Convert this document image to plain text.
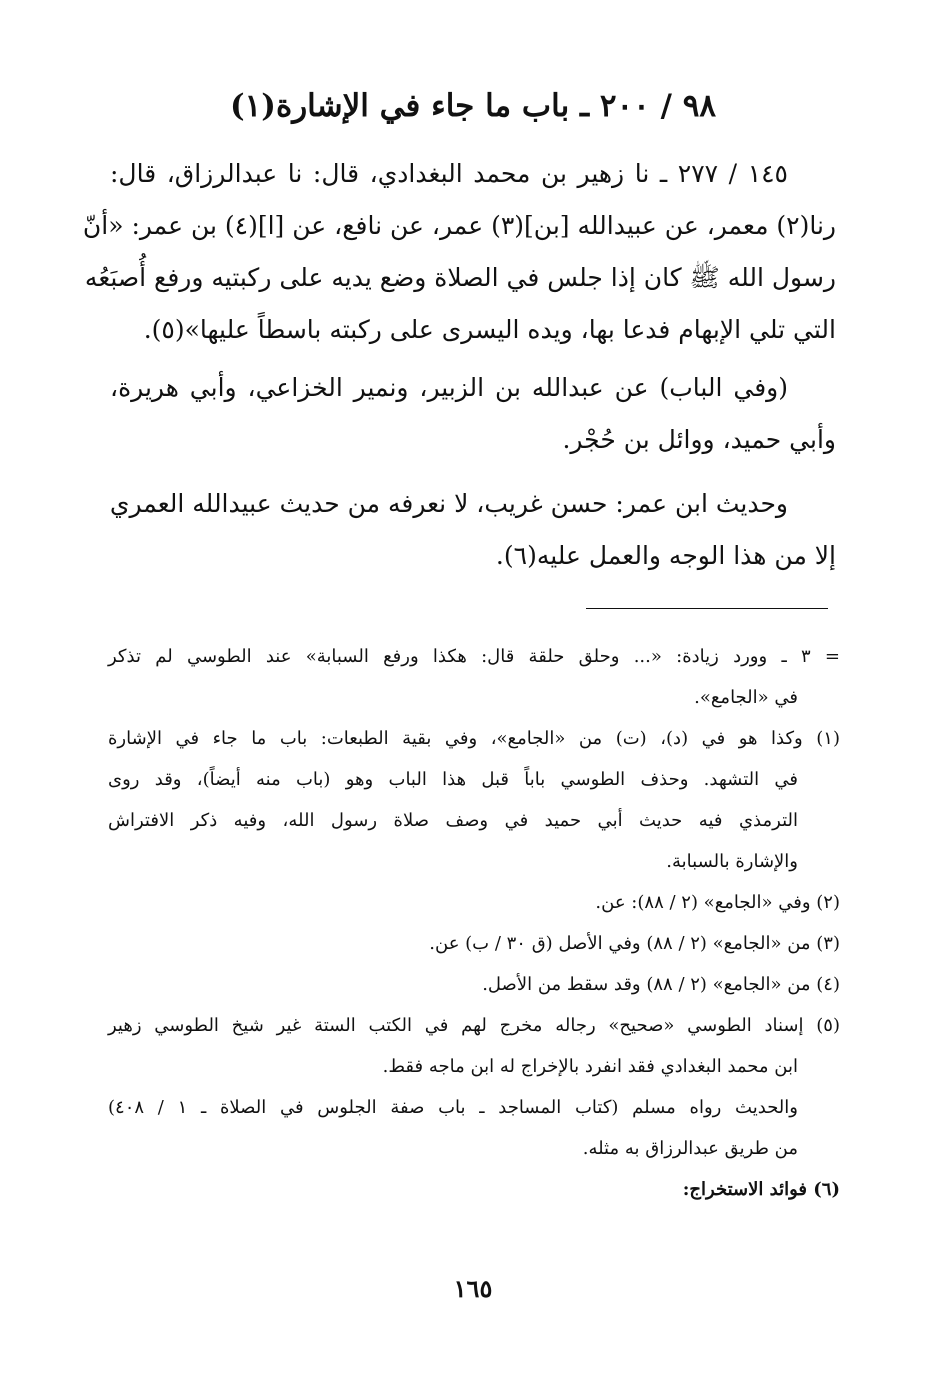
٩٨ / ٢٠٠ ـ باب ما جاء في الإشارة(١)
١٤٥ / ٢٧٧ ـ نا زهير بن محمد البغدادي، قال: نا عبدالرزاق، قال:
رنا(٢) معمر، عن عبيدالله [بن](٣) عمر، عن نافع، عن [ا](٤) بن عمر: «أنّ
رسول الله ﷺ كان إذا جلس في الصلاة وضع يديه على ركبتيه ورفع أُصبَعُه
التي تلي الإبهام فدعا بها، ويده اليسرى على ركبته باسطاً عليها»(٥).
(وفي الباب) عن عبدالله بن الزبير، ونمير الخزاعي، وأبي هريرة،
وأبي حميد، ووائل بن حُجْر.
وحديث ابن عمر: حسن غريب، لا نعرفه من حديث عبيدالله العمري
إلا من هذا الوجه والعمل عليه(٦).
= ٣ ـ وورد زيادة: «... وحلق حلقة قال: هكذا ورفع السبابة» عند الطوسي لم تذكر
في «الجامع».
(١) وكذا هو في (د)، (ت) من «الجامع»، وفي بقية الطبعات: باب ما جاء في الإشارة
في التشهد. وحذف الطوسي باباً قبل هذا الباب وهو (باب منه أيضاً)، وقد روى
الترمذي فيه حديث أبي حميد في وصف صلاة رسول الله، وفيه ذكر الافتراش
والإشارة بالسبابة.
(٢) وفي «الجامع» (٢ / ٨٨): عن.
(٣) من «الجامع» (٢ / ٨٨) وفي الأصل (ق ٣٠ / ب) عن.
(٤) من «الجامع» (٢ / ٨٨) وقد سقط من الأصل.
(٥) إسناد الطوسي «صحيح» رجاله مخرج لهم في الكتب الستة غير شيخ الطوسي زهير
ابن محمد البغدادي فقد انفرد بالإخراج له ابن ماجه فقط.
والحديث رواه مسلم (كتاب المساجد ـ باب صفة الجلوس في الصلاة ـ ١ / ٤٠٨)
من طريق عبدالرزاق به مثله.
(٦) فوائد الاستخراج:
١٦٥
